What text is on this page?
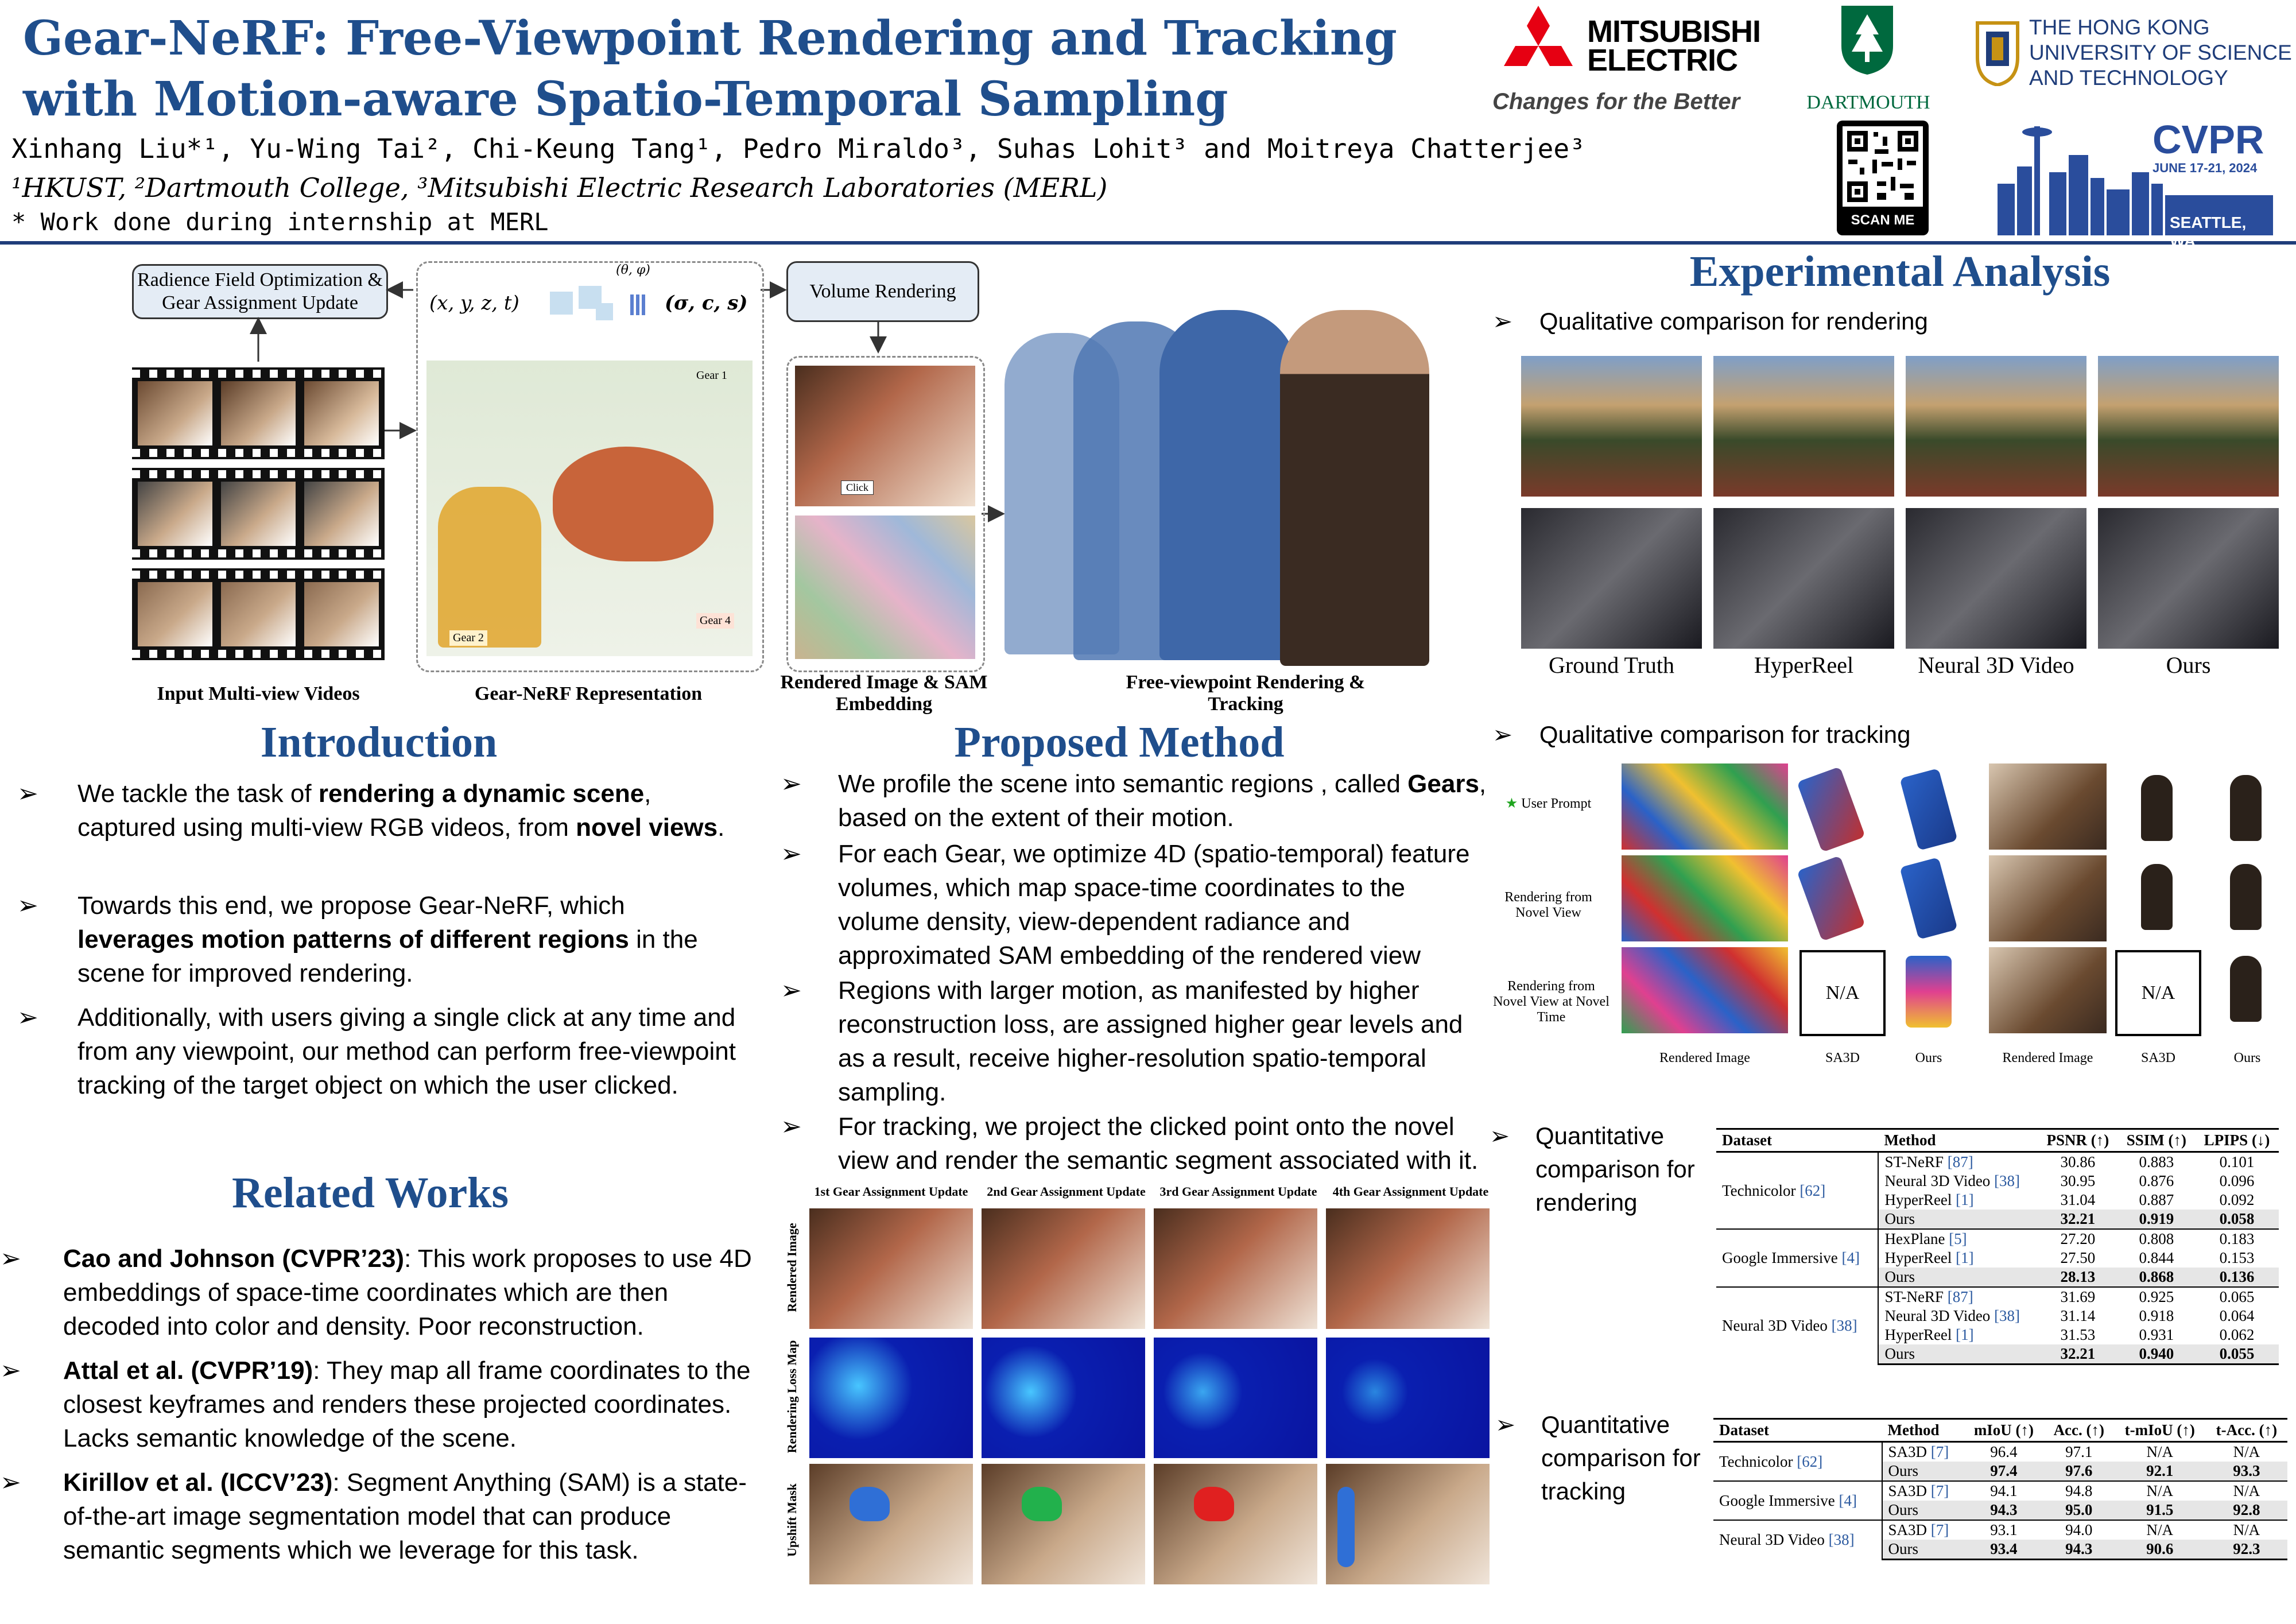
Gear-NeRF: Free-Viewpoint Rendering and Tracking
with Motion-aware Spatio-Temporal Sampling
Xinhang Liu*¹, Yu-Wing Tai², Chi-Keung Tang¹, Pedro Miraldo³, Suhas Lohit³ and Moitreya Chatterjee³
¹HKUST, ²Dartmouth College, ³Mitsubishi Electric Research Laboratories (MERL)
* Work done during internship at MERL
MITSUBISHI
ELECTRIC
Changes for the Better	DARTMOUTH
THE HONG KONG
UNIVERSITY OF SCIENCE
AND TECHNOLOGY
SCAN ME
CVPR
JUNE 17-21, 2024
SEATTLE, WA
Radience Field Optimization & Gear Assignment Update
Input Multi-view Videos
(x, y, z, t)
(θ, φ)
(σ, c, s)
Gear 1
Gear 2
Gear 4
Gear-NeRF Representation
Volume Rendering
Click
Rendered Image & SAM Embedding
Free-viewpoint Rendering & Tracking
Introduction
➢ We tackle the task of rendering a dynamic scene, captured using multi-view RGB videos, from novel views.
➢ Towards this end, we propose Gear-NeRF, which leverages motion patterns of different regions in the scene for improved rendering.
➢ Additionally, with users giving a single click at any time and from any viewpoint, our method can perform free-viewpoint tracking of the target object on which the user clicked.
Related Works
➢ Cao and Johnson (CVPR’23): This work proposes to use 4D embeddings of space-time coordinates which are then decoded into color and density. Poor reconstruction.
➢ Attal et al. (CVPR’19): They map all frame coordinates to the closest keyframes and renders these projected coordinates. Lacks semantic knowledge of the scene.
➢ Kirillov et al. (ICCV’23): Segment Anything (SAM) is a state-of-the-art image segmentation model that can produce semantic segments which we leverage for this task.
Proposed Method
➢ We profile the scene into semantic regions , called Gears, based on the extent of their motion.
➢ For each Gear, we optimize 4D (spatio-temporal) feature volumes, which map space-time coordinates to the volume density, view-dependent radiance and approximated SAM embedding of the rendered view
➢ Regions with larger motion, as manifested by higher reconstruction loss, are assigned higher gear levels and as a result, receive higher-resolution spatio-temporal sampling.
➢ For tracking, we project the clicked point onto the novel view and render the semantic segment associated with it.
1st Gear Assignment Update	2nd Gear Assignment Update	3rd Gear Assignment Update	4th Gear Assignment Update
Rendered Image
Rendering Loss Map
Upshift Mask
Experimental Analysis
➢ Qualitative comparison for rendering
Ground Truth	HyperReel	Neural 3D Video	Ours
➢ Qualitative comparison for tracking
★ User Prompt
Rendering from Novel View
Rendering from Novel View at Novel Time
N/A	N/A
Rendered Image	SA3D	Ours	Rendered Image	SA3D	Ours
➢ Quantitative comparison for rendering
Dataset	Method	PSNR (↑)	SSIM (↑)	LPIPS (↓)
Technicolor [62]	ST-NeRF [87]	30.86	0.883	0.101
	Neural 3D Video [38]	30.95	0.876	0.096
	HyperReel [1]	31.04	0.887	0.092
	Ours	32.21	0.919	0.058
Google Immersive [4]	HexPlane [5]	27.20	0.808	0.183
	HyperReel [1]	27.50	0.844	0.153
	Ours	28.13	0.868	0.136
Neural 3D Video [38]	ST-NeRF [87]	31.69	0.925	0.065
	Neural 3D Video [38]	31.14	0.918	0.064
	HyperReel [1]	31.53	0.931	0.062
	Ours	32.21	0.940	0.055
➢ Quantitative comparison for tracking
Dataset	Method	mIoU (↑)	Acc. (↑)	t-mIoU (↑)	t-Acc. (↑)
Technicolor [62]	SA3D [7]	96.4	97.1	N/A	N/A
	Ours	97.4	97.6	92.1	93.3
Google Immersive [4]	SA3D [7]	94.1	94.8	N/A	N/A
	Ours	94.3	95.0	91.5	92.8
Neural 3D Video [38]	SA3D [7]	93.1	94.0	N/A	N/A
	Ours	93.4	94.3	90.6	92.3
